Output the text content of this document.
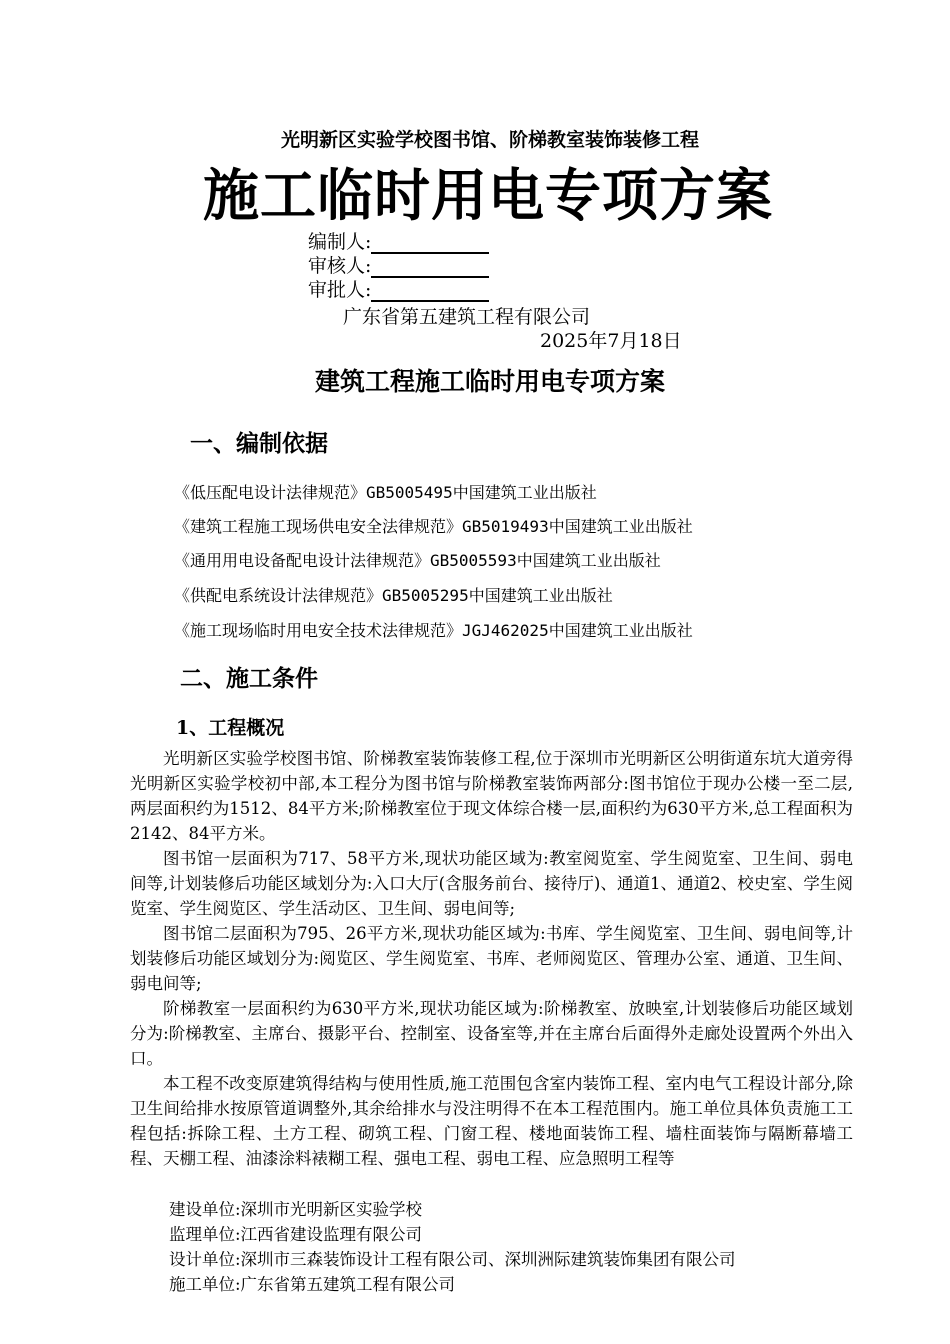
光明新区实验学校图书馆、阶梯教室装饰装修工程
施工临时用电专项方案
编制人:
审核人:
审批人:
广东省第五建筑工程有限公司
2025年7月18日
建筑工程施工临时用电专项方案
一、编制依据
《低压配电设计法律规范》GB5005495中国建筑工业出版社
《建筑工程施工现场供电安全法律规范》GB5019493中国建筑工业出版社
《通用用电设备配电设计法律规范》GB5005593中国建筑工业出版社
《供配电系统设计法律规范》GB5005295中国建筑工业出版社
《施工现场临时用电安全技术法律规范》JGJ462025中国建筑工业出版社
二、施工条件
1、工程概况

光明新区实验学校图书馆、阶梯教室装饰装修工程,位于深圳市光明新区公明街道东坑大道旁得光明新区实验学校初中部,本工程分为图书馆与阶梯教室装饰两部分:图书馆位于现办公楼一至二层,两层面积约为1512、84平方米;阶梯教室位于现文体综合楼一层,面积约为630平方米,总工程面积为2142、84平方米。

图书馆一层面积为717、58平方米,现状功能区域为:教室阅览室、学生阅览室、卫生间、弱电间等,计划装修后功能区域划分为:入口大厅(含服务前台、接待厅)、通道1、通道2、校史室、学生阅览室、学生阅览区、学生活动区、卫生间、弱电间等;

图书馆二层面积为795、26平方米,现状功能区域为:书库、学生阅览室、卫生间、弱电间等,计划装修后功能区域划分为:阅览区、学生阅览室、书库、老师阅览区、管理办公室、通道、卫生间、弱电间等;

阶梯教室一层面积约为630平方米,现状功能区域为:阶梯教室、放映室,计划装修后功能区域划分为:阶梯教室、主席台、摄影平台、控制室、设备室等,并在主席台后面得外走廊处设置两个外出入口。

本工程不改变原建筑得结构与使用性质,施工范围包含室内装饰工程、室内电气工程设计部分,除卫生间给排水按原管道调整外,其余给排水与没注明得不在本工程范围内。施工单位具体负责施工工程包括:拆除工程、土方工程、砌筑工程、门窗工程、楼地面装饰工程、墙柱面装饰与隔断幕墙工程、天棚工程、油漆涂料裱糊工程、强电工程、弱电工程、应急照明工程等

建设单位:深圳市光明新区实验学校
监理单位:江西省建设监理有限公司
设计单位:深圳市三森装饰设计工程有限公司、深圳洲际建筑装饰集团有限公司
施工单位:广东省第五建筑工程有限公司
